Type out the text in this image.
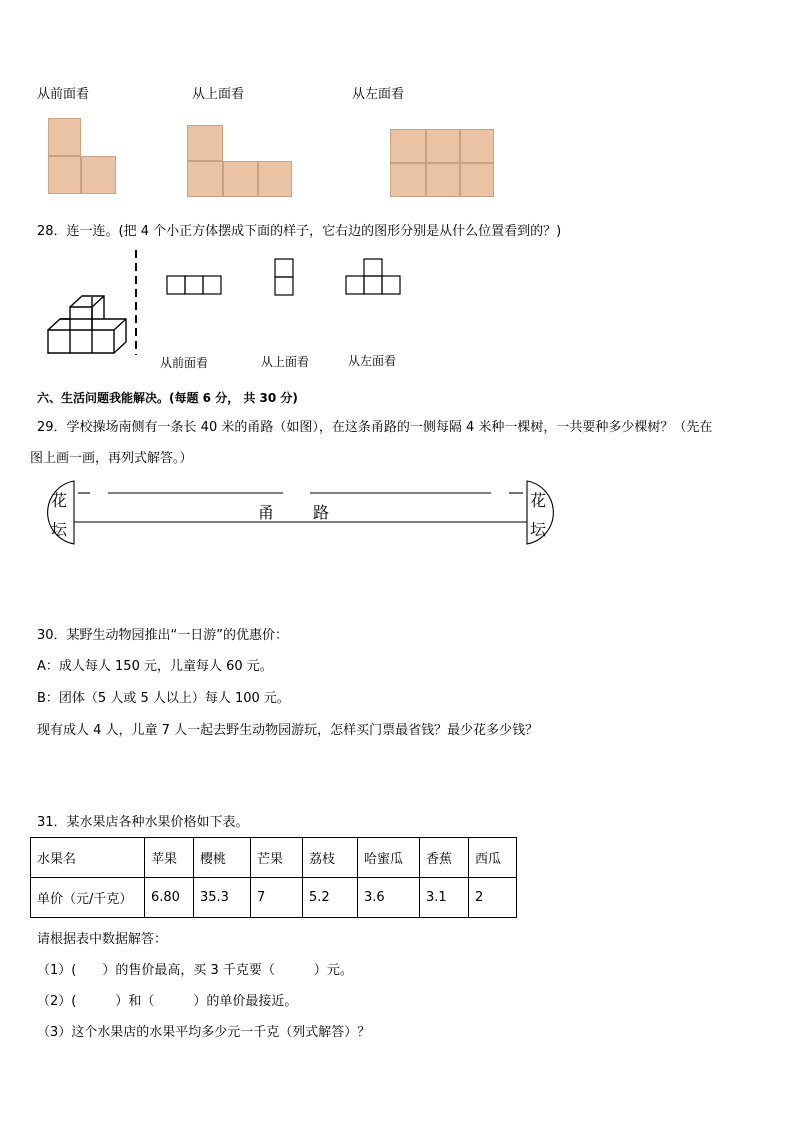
从前面看	从上面看	从左面看
28．连一连。(把 4 个小正方体摆成下面的样子，它右边的图形分别是从什么位置看到的？)
从前面看	从上面看	从左面看
六、生活问题我能解决。(每题 6 分， 共 30 分)
29．学校操场南侧有一条长 40 米的甬路（如图），在这条甬路的一侧每隔 4 米种一棵树，一共要种多少棵树？（先在
图上画一画，再列式解答。）
花
坛
花
坛
甬 路
30．某野生动物园推出“一日游”的优惠价：
A：成人每人 150 元，儿童每人 60 元。
B：团体（5 人或 5 人以上）每人 100 元。
现有成人 4 人，儿童 7 人一起去野生动物园游玩，怎样买门票最省钱？最少花多少钱？
31．某水果店各种水果价格如下表。
水果名	苹果	樱桃	芒果	荔枝	哈蜜瓜	香蕉	西瓜
单价（元/千克）	6.80	35.3	7	5.2	3.6	3.1	2
请根据表中数据解答：
（1）(　　）的售价最高，买 3 千克要（　　　）元。
（2）(　　　）和（　　　）的单价最接近。
（3）这个水果店的水果平均多少元一千克（列式解答）？
